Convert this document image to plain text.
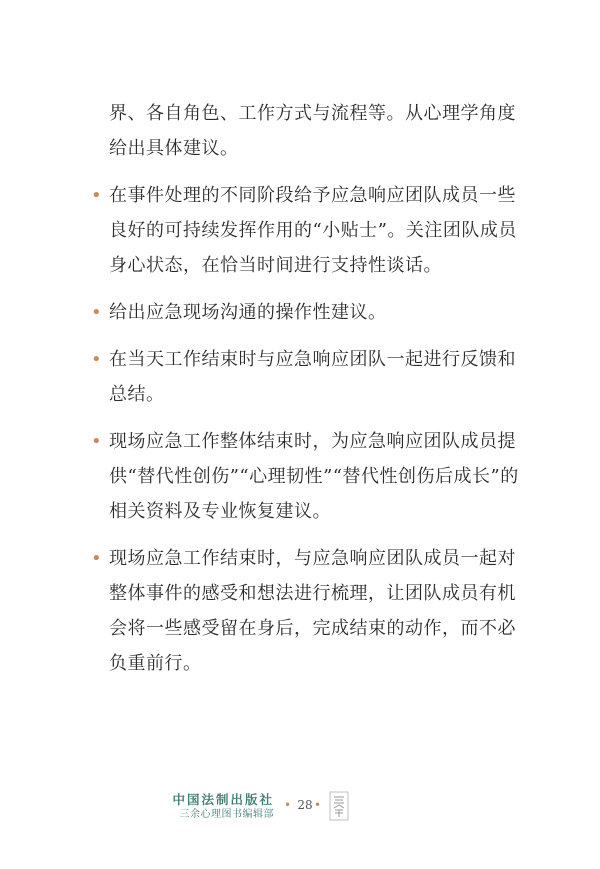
界、各自角色、工作方式与流程等。从心理学角度给出具体建议。
• 在事件处理的不同阶段给予应急响应团队成员一些良好的可持续发挥作用的“小贴士”。关注团队成员身心状态，在恰当时间进行支持性谈话。
• 给出应急现场沟通的操作性建议。
• 在当天工作结束时与应急响应团队一起进行反馈和总结。
• 现场应急工作整体结束时，为应急响应团队成员提供“替代性创伤”“心理韧性”“替代性创伤后成长”的相关资料及专业恢复建议。
• 现场应急工作结束时，与应急响应团队成员一起对整体事件的感受和想法进行梳理，让团队成员有机会将一些感受留在身后，完成结束的动作，而不必负重前行。
中国法制出版社
三余心理图书编辑部
• 28 •
